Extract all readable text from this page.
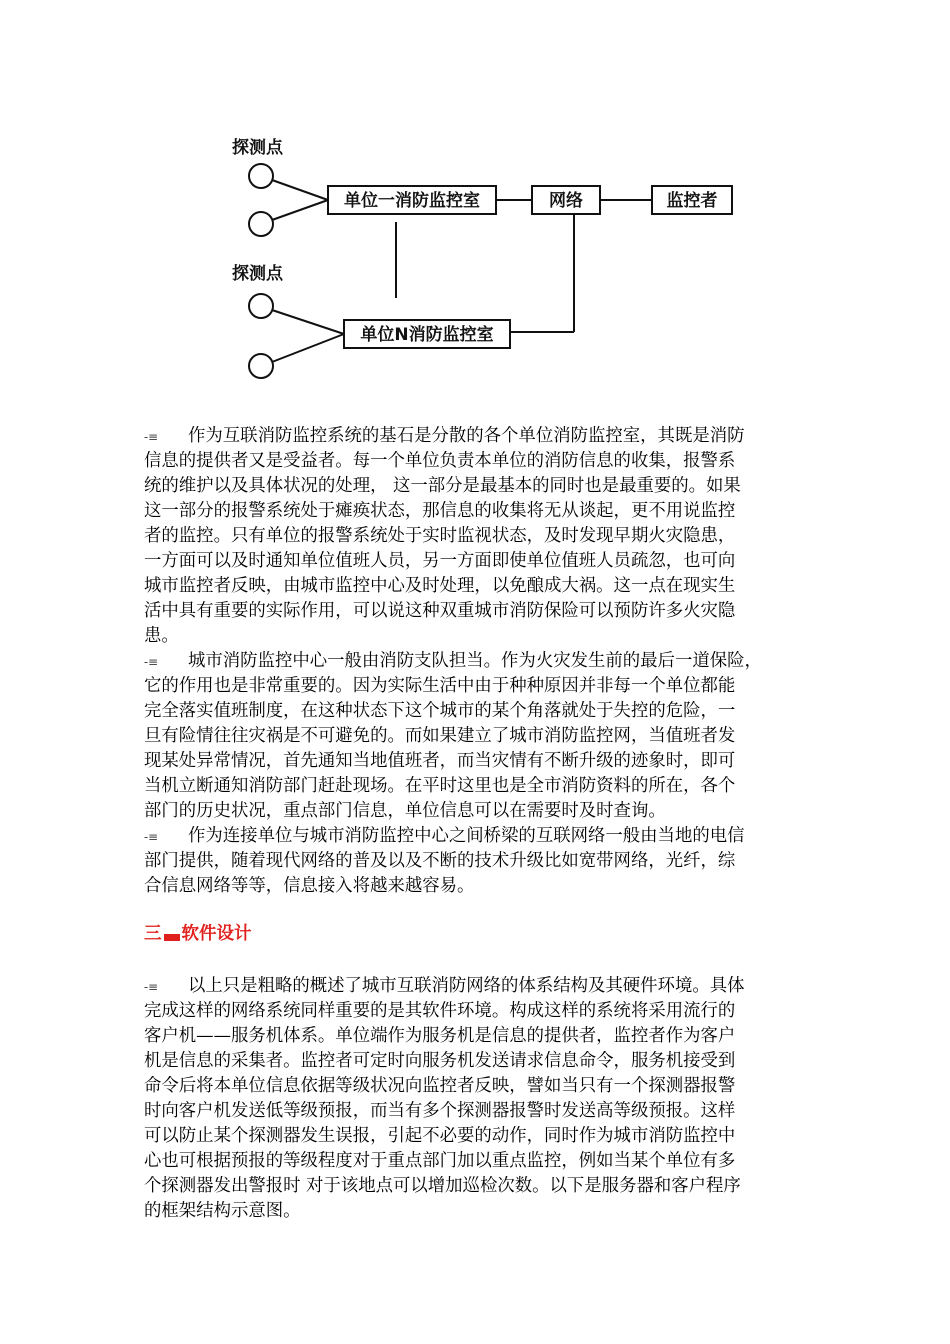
探测点
单位一消防监控室	网络	监控者
探测点
单位N消防监控室
-≡ 作为互联消防监控系统的基石是分散的各个单位消防监控室，其既是消防
信息的提供者又是受益者。每一个单位负责本单位的消防信息的收集，报警系
统的维护以及具体状况的处理， 这一部分是最基本的同时也是最重要的。如果
这一部分的报警系统处于瘫痪状态，那信息的收集将无从谈起，更不用说监控
者的监控。只有单位的报警系统处于实时监视状态，及时发现早期火灾隐患，
一方面可以及时通知单位值班人员，另一方面即使单位值班人员疏忽，也可向
城市监控者反映，由城市监控中心及时处理，以免酿成大祸。这一点在现实生
活中具有重要的实际作用，可以说这种双重城市消防保险可以预防许多火灾隐
患。
-≡ 城市消防监控中心一般由消防支队担当。作为火灾发生前的最后一道保险，
它的作用也是非常重要的。因为实际生活中由于种种原因并非每一个单位都能
完全落实值班制度，在这种状态下这个城市的某个角落就处于失控的危险，一
旦有险情往往灾祸是不可避免的。而如果建立了城市消防监控网，当值班者发
现某处异常情况，首先通知当地值班者，而当灾情有不断升级的迹象时，即可
当机立断通知消防部门赶赴现场。在平时这里也是全市消防资料的所在，各个
部门的历史状况，重点部门信息，单位信息可以在需要时及时查询。
-≡ 作为连接单位与城市消防监控中心之间桥梁的互联网络一般由当地的电信
部门提供，随着现代网络的普及以及不断的技术升级比如宽带网络，光纤，综
合信息网络等等，信息接入将越来越容易。
三 软件设计
-≡ 以上只是粗略的概述了城市互联消防网络的体系结构及其硬件环境。具体
完成这样的网络系统同样重要的是其软件环境。构成这样的系统将采用流行的
客户机——服务机体系。单位端作为服务机是信息的提供者，监控者作为客户
机是信息的采集者。监控者可定时向服务机发送请求信息命令，服务机接受到
命令后将本单位信息依据等级状况向监控者反映，譬如当只有一个探测器报警
时向客户机发送低等级预报，而当有多个探测器报警时发送高等级预报。这样
可以防止某个探测器发生误报，引起不必要的动作，同时作为城市消防监控中
心也可根据预报的等级程度对于重点部门加以重点监控，例如当某个单位有多
个探测器发出警报时 对于该地点可以增加巡检次数。以下是服务器和客户程序
的框架结构示意图。
